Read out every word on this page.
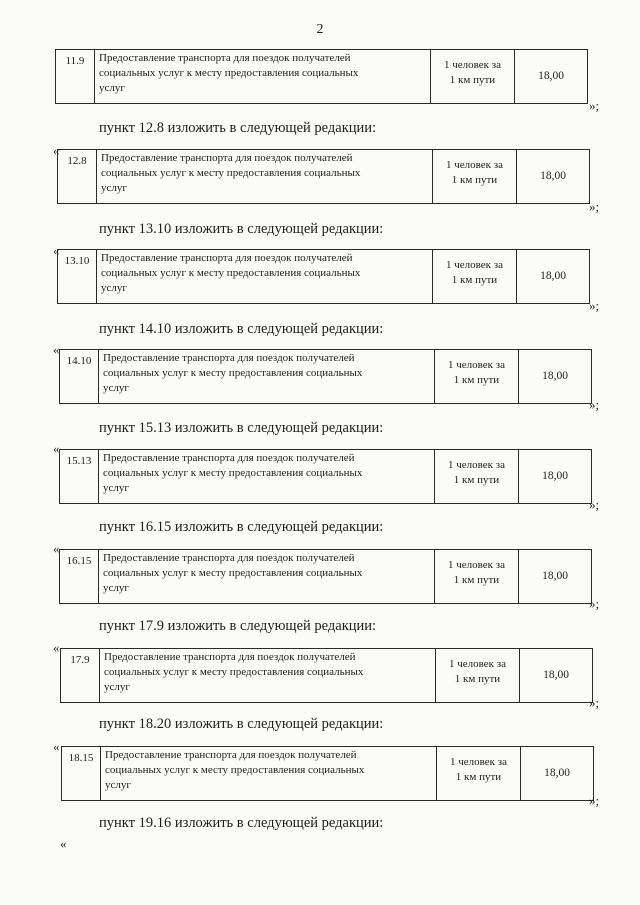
2
11.9	Предоставление транспорта для поездок получателей
социальных услуг к месту предоставления социальных
услуг

1 человек за
1 км пути	18,00
»;
12.8	Предоставление транспорта для поездок получателей
социальных услуг к месту предоставления социальных
услуг

1 человек за
1 км пути	18,00
»;
13.10	Предоставление транспорта для поездок получателей
социальных услуг к месту предоставления социальных
услуг

1 человек за
1 км пути	18,00
»;
14.10	Предоставление транспорта для поездок получателей
социальных услуг к месту предоставления социальных
услуг

1 человек за
1 км пути	18,00
»;
15.13	Предоставление транспорта для поездок получателей
социальных услуг к месту предоставления социальных
услуг

1 человек за
1 км пути	18,00
»;
16.15	Предоставление транспорта для поездок получателей
социальных услуг к месту предоставления социальных
услуг

1 человек за
1 км пути	18,00
»;
17.9	Предоставление транспорта для поездок получателей
социальных услуг к месту предоставления социальных
услуг

1 человек за
1 км пути	18,00
»;
18.15	Предоставление транспорта для поездок получателей
социальных услуг к месту предоставления социальных
услуг

1 человек за
1 км пути	18,00
»;
пункт 12.8 изложить в следующей редакции:
«
пункт 13.10 изложить в следующей редакции:
«
пункт 14.10 изложить в следующей редакции:
«
пункт 15.13 изложить в следующей редакции:
«
пункт 16.15 изложить в следующей редакции:
«
пункт 17.9 изложить в следующей редакции:
«
пункт 18.20 изложить в следующей редакции:
«
пункт 19.16 изложить в следующей редакции:
«
